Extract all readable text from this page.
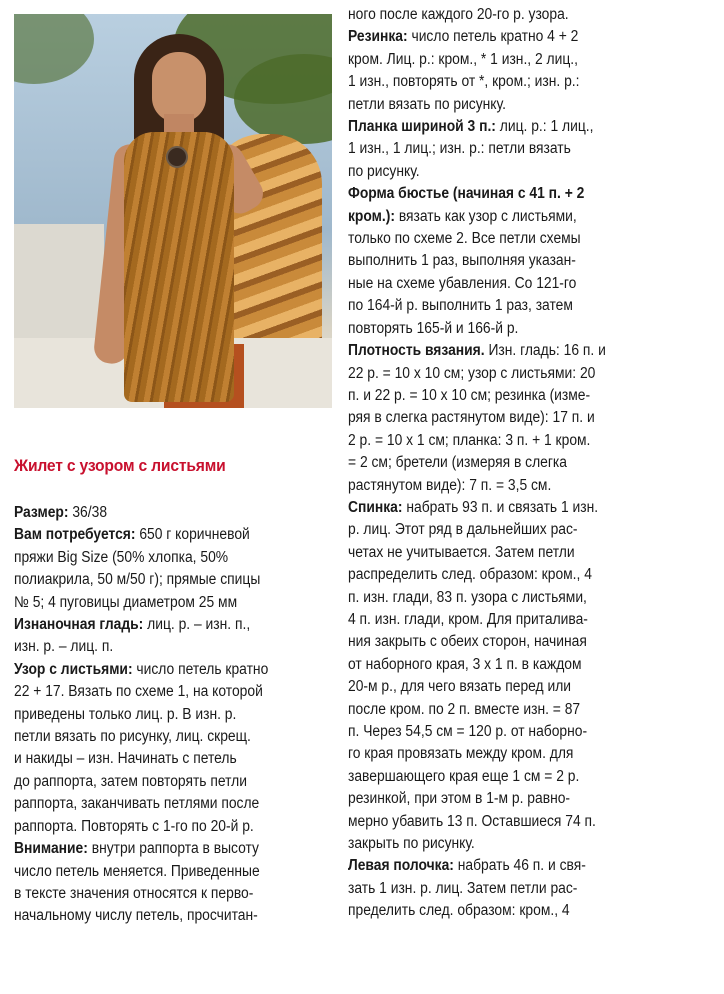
Жилет с узором с листьями

Размер: 36/38

Вам потребуется: 650 г коричневой

пряжи Big Size (50% хлопка, 50%

полиакрила, 50 м/50 г); прямые спицы

№ 5; 4 пуговицы диаметром 25 мм

Изнаночная гладь: лиц. р. – изн. п.,

изн. р. – лиц. п.

Узор с листьями: число петель кратно

22 + 17. Вязать по схеме 1, на которой

приведены только лиц. р. В изн. р.

петли вязать по рисунку, лиц. скрещ.

и накиды – изн. Начинать с петель

до раппорта, затем повторять петли

раппорта, заканчивать петлями после

раппорта. Повторять с 1-го по 20-й р.

Внимание: внутри раппорта в высоту

число петель меняется. Приведенные

в тексте значения относятся к перво-

начальному числу петель, просчитан-

ного после каждого 20-го р. узора.

Резинка: число петель кратно 4 + 2

кром. Лиц. р.: кром., * 1 изн., 2 лиц.,

1 изн., повторять от *, кром.; изн. р.:

петли вязать по рисунку.

Планка шириной 3 п.: лиц. р.: 1 лиц.,

1 изн., 1 лиц.; изн. р.: петли вязать

по рисунку.

Форма бюстье (начиная с 41 п. + 2

кром.): вязать как узор с листьями,

только по схеме 2. Все петли схемы

выполнить 1 раз, выполняя указан-

ные на схеме убавления. Со 121-го

по 164-й р. выполнить 1 раз, затем

повторять 165-й и 166-й р.

Плотность вязания. Изн. гладь: 16 п. и

22 р. = 10 х 10 см; узор с листьями: 20

п. и 22 р. = 10 х 10 см; резинка (изме-

ряя в слегка растянутом виде): 17 п. и

2 р. = 10 х 1 см; планка: 3 п. + 1 кром.

= 2 см; бретели (измеряя в слегка

растянутом виде): 7 п. = 3,5 см.

Спинка: набрать 93 п. и связать 1 изн.

р. лиц. Этот ряд в дальнейших рас-

четах не учитывается. Затем петли

распределить след. образом: кром., 4

п. изн. глади, 83 п. узора с листьями,

4 п. изн. глади, кром. Для приталива-

ния закрыть с обеих сторон, начиная

от наборного края, 3 х 1 п. в каждом

20-м р., для чего вязать перед или

после кром. по 2 п. вместе изн. = 87

п. Через 54,5 см = 120 р. от наборно-

го края провязать между кром. для

завершающего края еще 1 см = 2 р.

резинкой, при этом в 1-м р. равно-

мерно убавить 13 п. Оставшиеся 74 п.

закрыть по рисунку.

Левая полочка: набрать 46 п. и свя-

зать 1 изн. р. лиц. Затем петли рас-

пределить след. образом: кром., 4
